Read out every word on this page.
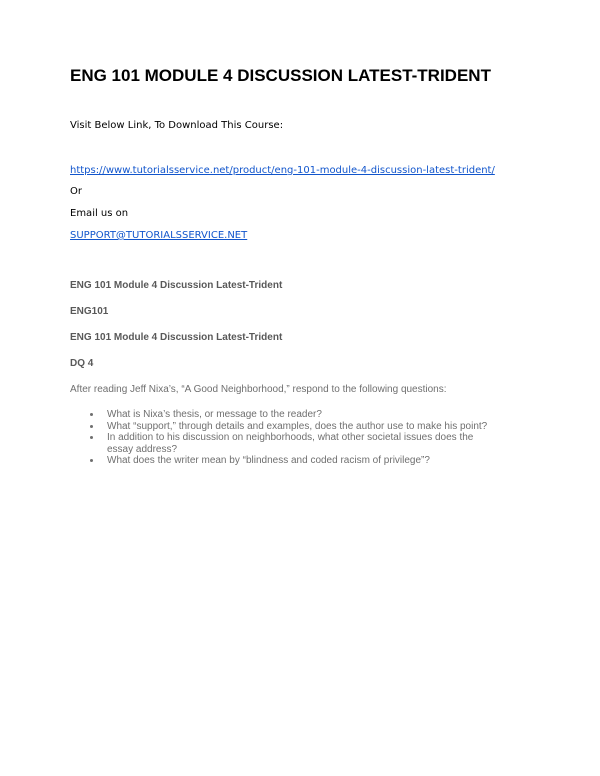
ENG 101 MODULE 4 DISCUSSION LATEST-TRIDENT

Visit Below Link, To Download This Course:

https://www.tutorialsservice.net/product/eng-101-module-4-discussion-latest-trident/

Or

Email us on

SUPPORT@TUTORIALSSERVICE.NET

ENG 101 Module 4 Discussion Latest-Trident

ENG101

ENG 101 Module 4 Discussion Latest-Trident

DQ 4

After reading Jeff Nixa’s, “A Good Neighborhood,” respond to the following questions:

What is Nixa’s thesis, or message to the reader?
What “support,” through details and examples, does the author use to make his point?
In addition to his discussion on neighborhoods, what other societal issues does the essay address?
What does the writer mean by “blindness and coded racism of privilege”?
